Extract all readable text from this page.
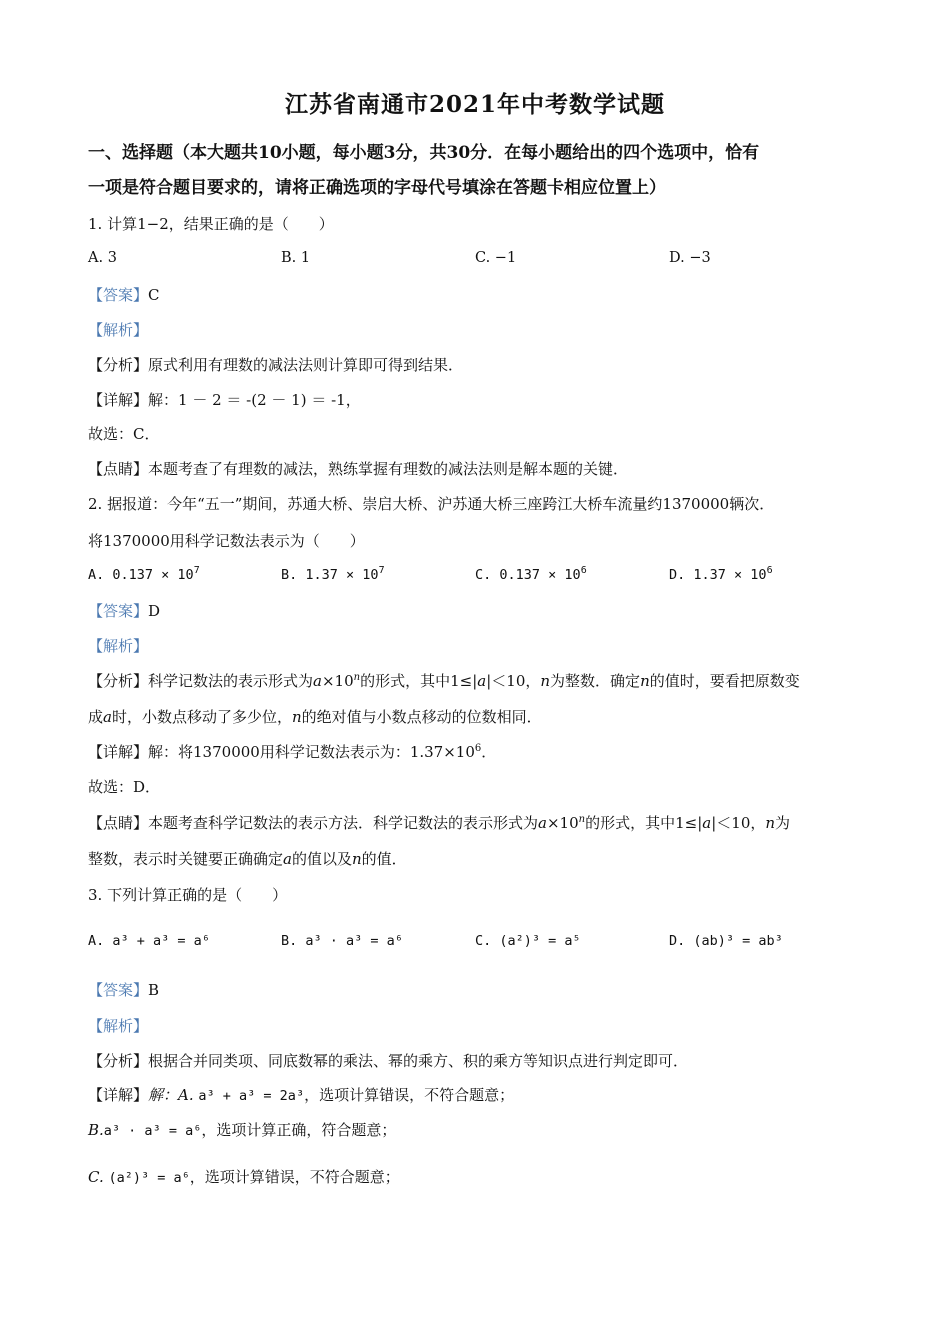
江苏省南通市2021年中考数学试题
一、选择题（本大题共10小题，每小题3分，共30分．在每小题给出的四个选项中，恰有
一项是符合题目要求的，请将正确选项的字母代号填涂在答题卡相应位置上）
1. 计算1−2，结果正确的是（　　）
A. 3	B. 1	C. −1	D. −3
【答案】C
【解析】
【分析】原式利用有理数的减法法则计算即可得到结果．
【详解】解：1 － 2 ＝ -(2 － 1) ＝ -1，
故选：C．
【点睛】本题考查了有理数的减法，熟练掌握有理数的减法法则是解本题的关键．
2. 据报道：今年“五一”期间，苏通大桥、崇启大桥、沪苏通大桥三座跨江大桥车流量约1370000辆次．
将1370000用科学记数法表示为（　　）
A. $0.137 \times 10^7$	B. $1.37 \times 10^7$	C. $0.137 \times 10^6$	D. $1.37 \times 10^6$
【答案】D
【解析】
【分析】科学记数法的表示形式为$a\times 10^n$的形式，其中1≤|a|＜10，n为整数．确定n的值时，要看把原数变
成a时，小数点移动了多少位，n的绝对值与小数点移动的位数相同．
【详解】解：将1370000用科学记数法表示为：$1.37\times 10^6$．
故选：D．
【点睛】本题考查科学记数法的表示方法．科学记数法的表示形式为$a\times 10^n$的形式，其中1≤|a|＜10，n为
整数，表示时关键要正确确定a的值以及n的值．
3. 下列计算正确的是（　　）
A. a³ + a³ = a⁶	B. a³ · a³ = a⁶	C. (a²)³ = a⁵	D. (ab)³ = ab³
【答案】B
【解析】
【分析】根据合并同类项、同底数幂的乘法、幂的乘方、积的乘方等知识点进行判定即可．
【详解】解：A. a³ + a³ = 2a³，选项计算错误，不符合题意；
B.a³ · a³ = a⁶，选项计算正确，符合题意；
C. (a²)³ = a⁶，选项计算错误，不符合题意；
